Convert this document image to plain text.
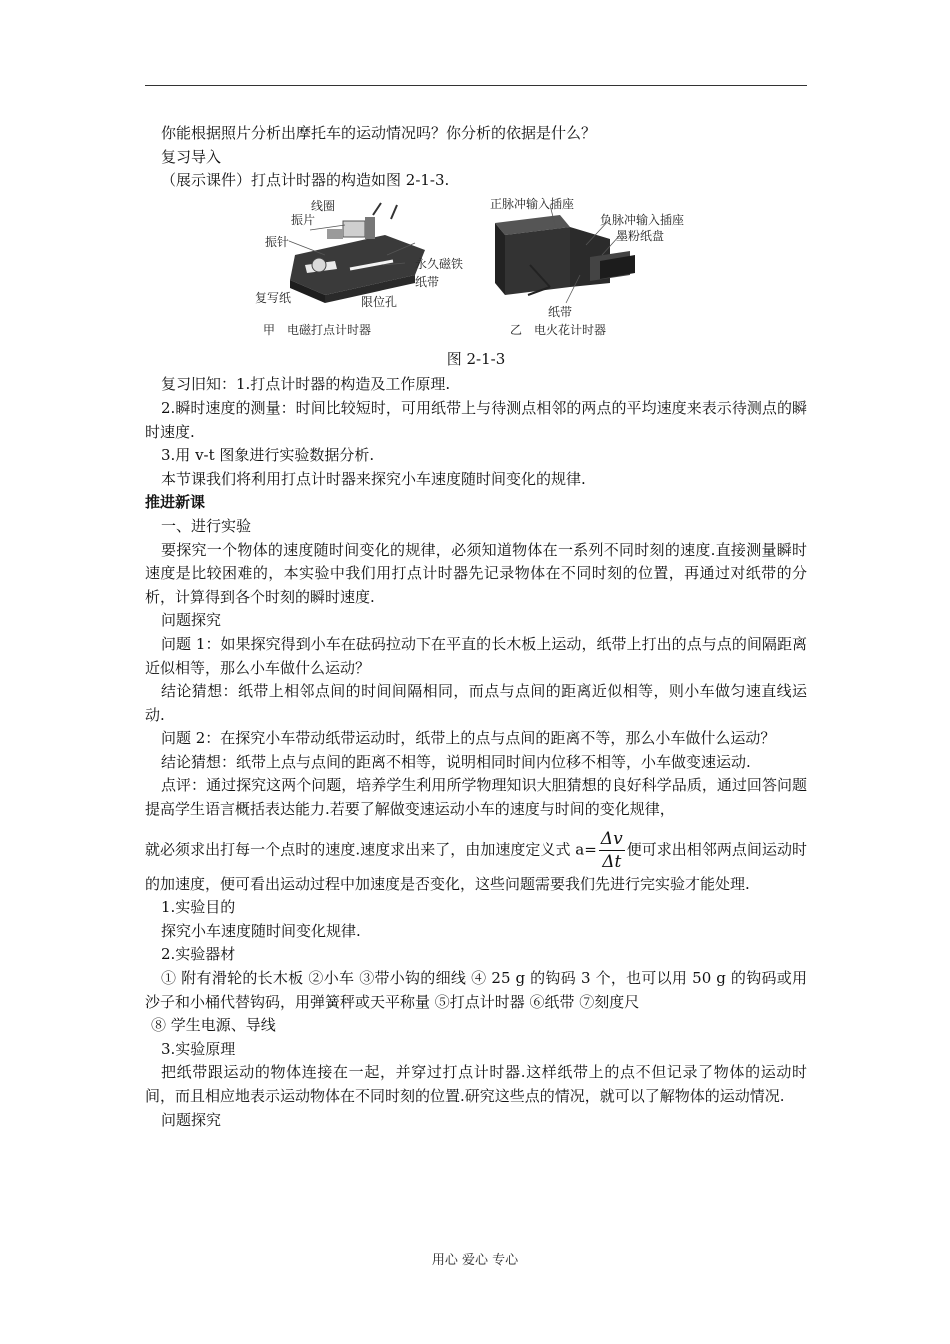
你能根据照片分析出摩托车的运动情况吗？你分析的依据是什么？

复习导入

（展示课件）打点计时器的构造如图 2-1-3.

线圈
振片
振针
永久磁铁
纸带
复写纸	限位孔
甲　电磁打点计时器
正脉冲输入插座
负脉冲输入插座
墨粉纸盘
纸带
乙　电火花计时器

图 2-1-3

复习旧知：1.打点计时器的构造及工作原理.

2.瞬时速度的测量：时间比较短时，可用纸带上与待测点相邻的两点的平均速度来表示待测点的瞬时速度.

3.用 v-t 图象进行实验数据分析.

本节课我们将利用打点计时器来探究小车速度随时间变化的规律.

推进新课

一、进行实验

要探究一个物体的速度随时间变化的规律，必须知道物体在一系列不同时刻的速度.直接测量瞬时速度是比较困难的，本实验中我们用打点计时器先记录物体在不同时刻的位置，再通过对纸带的分析，计算得到各个时刻的瞬时速度.

问题探究

问题 1：如果探究得到小车在砝码拉动下在平直的长木板上运动，纸带上打出的点与点的间隔距离近似相等，那么小车做什么运动？

结论猜想：纸带上相邻点间的时间间隔相同，而点与点间的距离近似相等，则小车做匀速直线运动.

问题 2：在探究小车带动纸带运动时，纸带上的点与点间的距离不等，那么小车做什么运动？

结论猜想：纸带上点与点间的距离不相等，说明相同时间内位移不相等，小车做变速运动.

点评：通过探究这两个问题，培养学生利用所学物理知识大胆猜想的良好科学品质，通过回答问题提高学生语言概括表达能力.若要了解做变速运动小车的速度与时间的变化规律，

就必须求出打每一个点时的速度.速度求出来了，由加速度定义式 $a= \frac{\Delta v}{\Delta t}$ 便可求出相邻两点间运动时的加速度，便可看出运动过程中加速度是否变化，这些问题需要我们先进行完实验才能处理.

1.实验目的

探究小车速度随时间变化规律.

2.实验器材

① 附有滑轮的长木板 ②小车 ③带小钩的细线 ④ 25 g 的钩码 3 个，也可以用 50 g 的钩码或用沙子和小桶代替钩码，用弹簧秤或天平称量 ⑤打点计时器 ⑥纸带 ⑦刻度尺

⑧ 学生电源、导线

3.实验原理

把纸带跟运动的物体连接在一起，并穿过打点计时器.这样纸带上的点不但记录了物体的运动时间，而且相应地表示运动物体在不同时刻的位置.研究这些点的情况，就可以了解物体的运动情况.

问题探究

用心 爱心 专心
